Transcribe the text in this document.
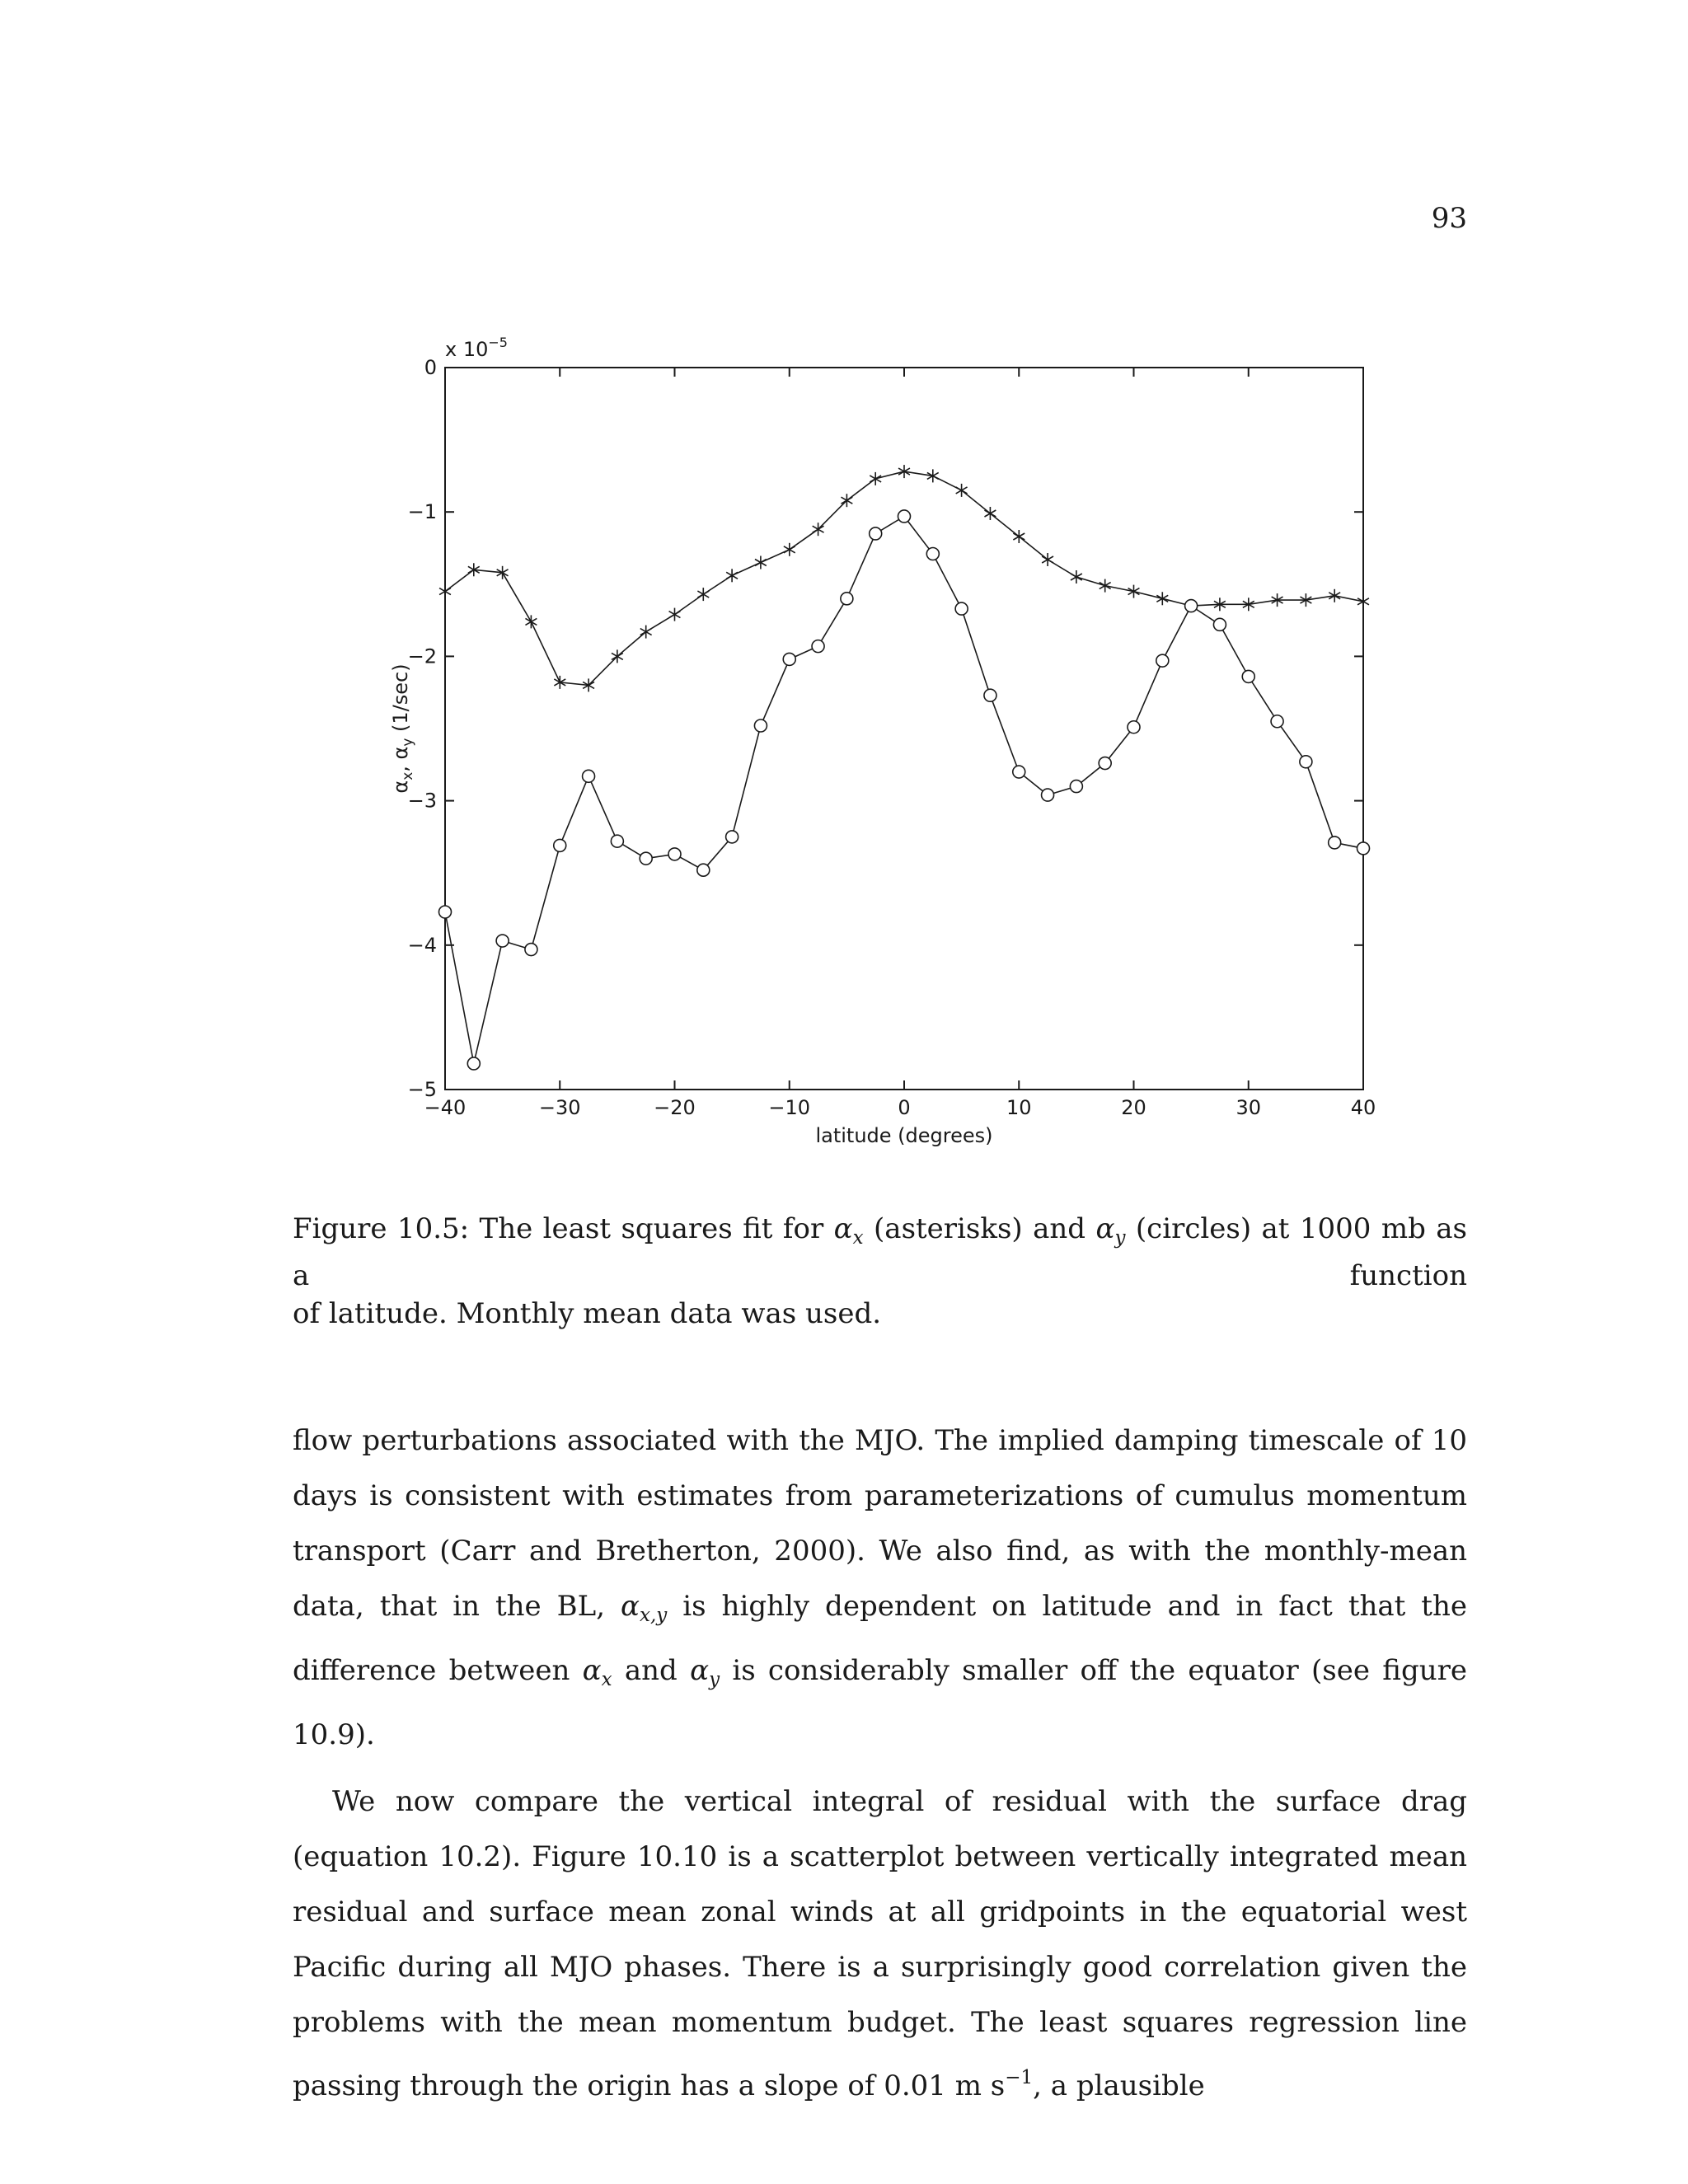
93
−40	−30	−20	−10	0	10	20	30	40
0
−1
−2
−3
−4
−5
x $10^{-5}$
latitude (degrees)
$\alpha_x$, $\alpha_y$ (1/sec)
Figure 10.5: The least squares fit for $\alpha_x$ (asterisks) and $\alpha_y$ (circles) at 1000 mb as a function
of latitude. Monthly mean data was used.

flow perturbations associated with the MJO. The implied damping timescale of 10 days is consistent with estimates from parameterizations of cumulus momentum transport (Carr and Bretherton, 2000). We also find, as with the monthly-mean data, that in the BL, $\alpha_{x,y}$ is highly dependent on latitude and in fact that the difference between $\alpha_x$ and $\alpha_y$ is considerably smaller off the equator (see figure 10.9).

We now compare the vertical integral of residual with the surface drag (equation 10.2). Figure 10.10 is a scatterplot between vertically integrated mean residual and surface mean zonal winds at all gridpoints in the equatorial west Pacific during all MJO phases. There is a surprisingly good correlation given the problems with the mean momentum budget. The least squares regression line passing through the origin has a slope of 0.01 m $s^{-1}$, a plausible
